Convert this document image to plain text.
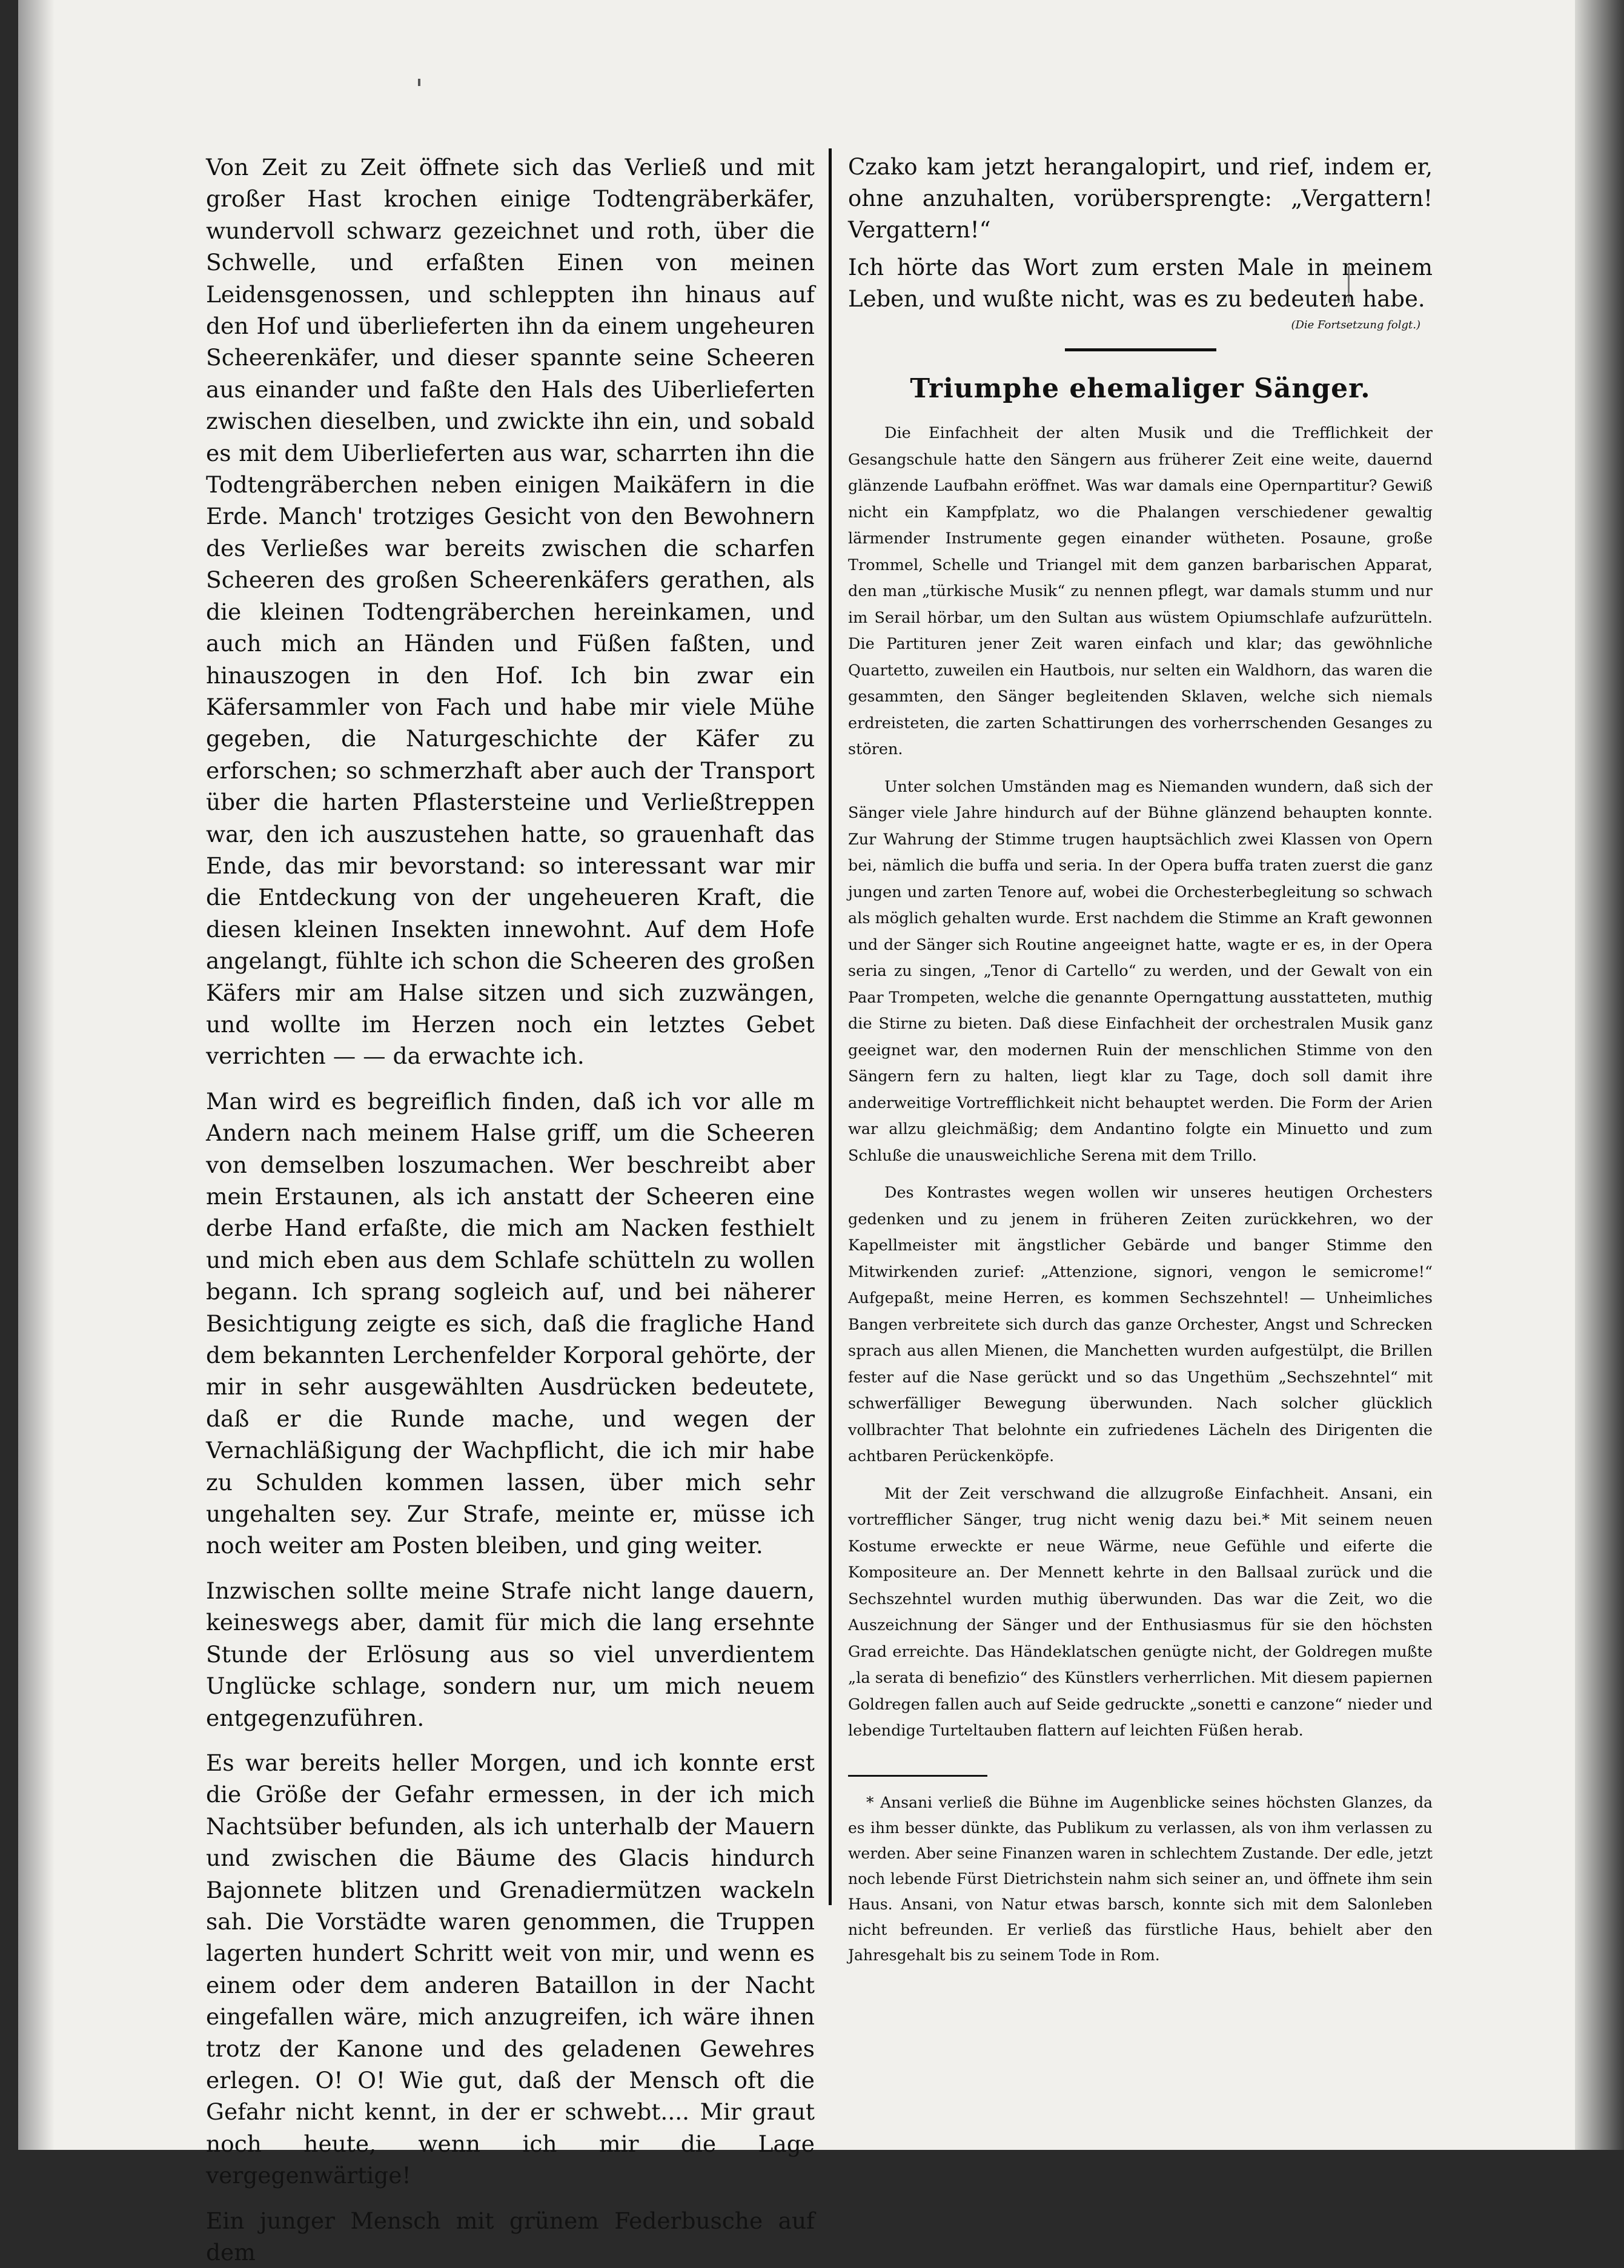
Von Zeit zu Zeit öffnete sich das Verließ und mit großer Hast krochen einige Todtengräberkäfer, wundervoll schwarz gezeichnet und roth, über die Schwelle, und erfaßten Einen von meinen Leidensgenossen, und schleppten ihn hinaus auf den Hof und überlieferten ihn da einem ungeheuren Scheerenkäfer, und dieser spannte seine Scheeren aus einander und faßte den Hals des Uiberlieferten zwischen dieselben, und zwickte ihn ein, und sobald es mit dem Uiberlieferten aus war, scharrten ihn die Todtengräberchen neben einigen Maikäfern in die Erde. Manch' trotziges Gesicht von den Bewohnern des Verließes war bereits zwischen die scharfen Scheeren des großen Scheerenkäfers gerathen, als die kleinen Todtengräberchen hereinkamen, und auch mich an Händen und Füßen faßten, und hinauszogen in den Hof. Ich bin zwar ein Käfersammler von Fach und habe mir viele Mühe gegeben, die Naturgeschichte der Käfer zu erforschen; so schmerzhaft aber auch der Transport über die harten Pflastersteine und Verließtreppen war, den ich auszustehen hatte, so grauenhaft das Ende, das mir bevorstand: so interessant war mir die Entdeckung von der ungeheueren Kraft, die diesen kleinen Insekten innewohnt. Auf dem Hofe angelangt, fühlte ich schon die Scheeren des großen Käfers mir am Halse sitzen und sich zuzwängen, und wollte im Herzen noch ein letztes Gebet verrichten — — da erwachte ich.

Man wird es begreiflich finden, daß ich vor alle m Andern nach meinem Halse griff, um die Scheeren von demselben loszumachen. Wer beschreibt aber mein Erstaunen, als ich anstatt der Scheeren eine derbe Hand erfaßte, die mich am Nacken festhielt und mich eben aus dem Schlafe schütteln zu wollen begann. Ich sprang sogleich auf, und bei näherer Besichtigung zeigte es sich, daß die fragliche Hand dem bekannten Lerchenfelder Korporal gehörte, der mir in sehr ausgewählten Ausdrücken bedeutete, daß er die Runde mache, und wegen der Vernachläßigung der Wachpflicht, die ich mir habe zu Schulden kommen lassen, über mich sehr ungehalten sey. Zur Strafe, meinte er, müsse ich noch weiter am Posten bleiben, und ging weiter.

Inzwischen sollte meine Strafe nicht lange dauern, keineswegs aber, damit für mich die lang ersehnte Stunde der Erlösung aus so viel unverdientem Unglücke schlage, sondern nur, um mich neuem entgegenzuführen.

Es war bereits heller Morgen, und ich konnte erst die Größe der Gefahr ermessen, in der ich mich Nachtsüber befunden, als ich unterhalb der Mauern und zwischen die Bäume des Glacis hindurch Bajonnete blitzen und Grenadiermützen wackeln sah. Die Vorstädte waren genommen, die Truppen lagerten hundert Schritt weit von mir, und wenn es einem oder dem anderen Bataillon in der Nacht eingefallen wäre, mich anzugreifen, ich wäre ihnen trotz der Kanone und des geladenen Gewehres erlegen. O! O! Wie gut, daß der Mensch oft die Gefahr nicht kennt, in der er schwebt.... Mir graut noch heute, wenn ich mir die Lage vergegenwärtige!

Ein junger Mensch mit grünem Federbusche auf dem

Czako kam jetzt herangalopirt, und rief, indem er, ohne anzuhalten, vorübersprengte: „Vergattern! Vergattern!“

Ich hörte das Wort zum ersten Male in meinem Leben, und wußte nicht, was es zu bedeuten habe.

(Die Fortsetzung folgt.)
Triumphe ehemaliger Sänger.

Die Einfachheit der alten Musik und die Trefflichkeit der Gesangschule hatte den Sängern aus früherer Zeit eine weite, dauernd glänzende Laufbahn eröffnet. Was war damals eine Opernpartitur? Gewiß nicht ein Kampfplatz, wo die Phalangen verschiedener gewaltig lärmender Instrumente gegen einander wütheten. Posaune, große Trommel, Schelle und Triangel mit dem ganzen barbarischen Apparat, den man „türkische Musik“ zu nennen pflegt, war damals stumm und nur im Serail hörbar, um den Sultan aus wüstem Opiumschlafe aufzurütteln. Die Partituren jener Zeit waren einfach und klar; das gewöhnliche Quartetto, zuweilen ein Hautbois, nur selten ein Waldhorn, das waren die gesammten, den Sänger begleitenden Sklaven, welche sich niemals erdreisteten, die zarten Schattirungen des vorherrschenden Gesanges zu stören.

Unter solchen Umständen mag es Niemanden wundern, daß sich der Sänger viele Jahre hindurch auf der Bühne glänzend behaupten konnte. Zur Wahrung der Stimme trugen hauptsächlich zwei Klassen von Opern bei, nämlich die buffa und seria. In der Opera buffa traten zuerst die ganz jungen und zarten Tenore auf, wobei die Orchesterbegleitung so schwach als möglich gehalten wurde. Erst nachdem die Stimme an Kraft gewonnen und der Sänger sich Routine angeeignet hatte, wagte er es, in der Opera seria zu singen, „Tenor di Cartello“ zu werden, und der Gewalt von ein Paar Trompeten, welche die genannte Operngattung ausstatteten, muthig die Stirne zu bieten. Daß diese Einfachheit der orchestralen Musik ganz geeignet war, den modernen Ruin der menschlichen Stimme von den Sängern fern zu halten, liegt klar zu Tage, doch soll damit ihre anderweitige Vortrefflichkeit nicht behauptet werden. Die Form der Arien war allzu gleichmäßig; dem Andantino folgte ein Minuetto und zum Schluße die unausweichliche Serena mit dem Trillo.

Des Kontrastes wegen wollen wir unseres heutigen Orchesters gedenken und zu jenem in früheren Zeiten zurückkehren, wo der Kapellmeister mit ängstlicher Gebärde und banger Stimme den Mitwirkenden zurief: „Attenzione, signori, vengon le semicrome!“ Aufgepaßt, meine Herren, es kommen Sechszehntel! — Unheimliches Bangen verbreitete sich durch das ganze Orchester, Angst und Schrecken sprach aus allen Mienen, die Manchetten wurden aufgestülpt, die Brillen fester auf die Nase gerückt und so das Ungethüm „Sechszehntel“ mit schwerfälliger Bewegung überwunden. Nach solcher glücklich vollbrachter That belohnte ein zufriedenes Lächeln des Dirigenten die achtbaren Perückenköpfe.

Mit der Zeit verschwand die allzugroße Einfachheit. Ansani, ein vortrefflicher Sänger, trug nicht wenig dazu bei.* Mit seinem neuen Kostume erweckte er neue Wärme, neue Gefühle und eiferte die Kompositeure an. Der Mennett kehrte in den Ballsaal zurück und die Sechszehntel wurden muthig überwunden. Das war die Zeit, wo die Auszeichnung der Sänger und der Enthusiasmus für sie den höchsten Grad erreichte. Das Händeklatschen genügte nicht, der Goldregen mußte „la serata di benefizio“ des Künstlers verherrlichen. Mit diesem papiernen Goldregen fallen auch auf Seide gedruckte „sonetti e canzone“ nieder und lebendige Turteltauben flattern auf leichten Füßen herab.

* Ansani verließ die Bühne im Augenblicke seines höchsten Glanzes, da es ihm besser dünkte, das Publikum zu verlassen, als von ihm verlassen zu werden. Aber seine Finanzen waren in schlechtem Zustande. Der edle, jetzt noch lebende Fürst Dietrichstein nahm sich seiner an, und öffnete ihm sein Haus. Ansani, von Natur etwas barsch, konnte sich mit dem Salonleben nicht befreunden. Er verließ das fürstliche Haus, behielt aber den Jahresgehalt bis zu seinem Tode in Rom.
